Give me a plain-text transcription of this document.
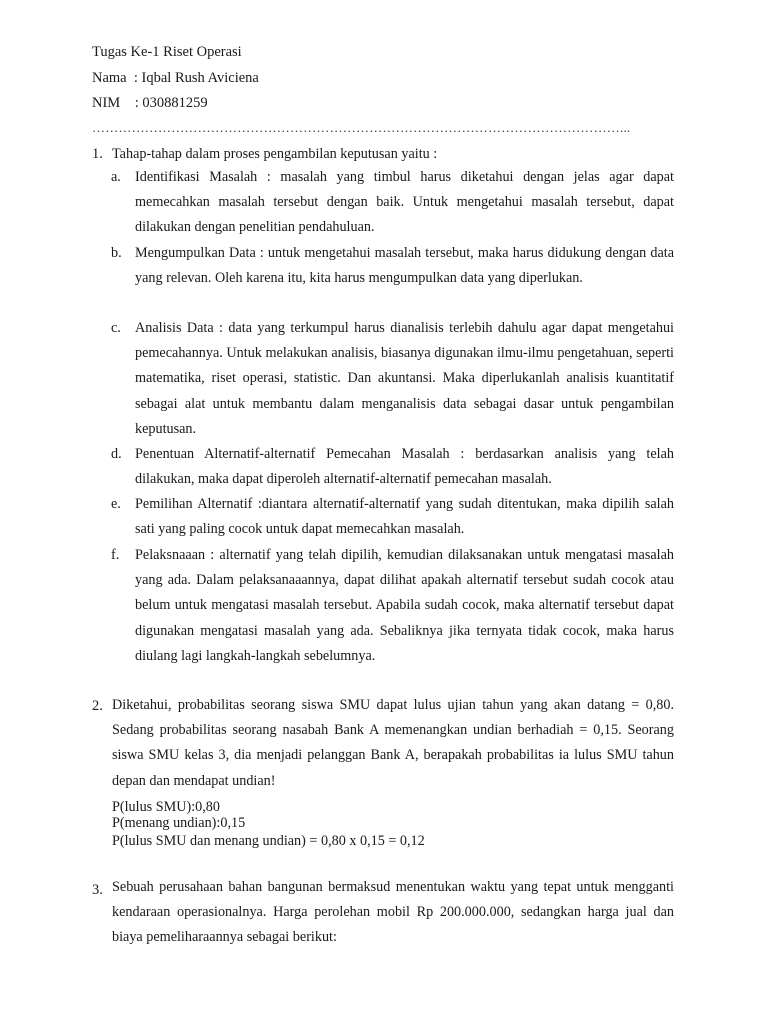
Tugas Ke-1 Riset Operasi
Nama  : Iqbal Rush Aviciena
NIM    : 030881259
…………………………………………………………………………………………………………...
1. Tahap-tahap dalam proses pengambilan keputusan yaitu :
a. Identifikasi Masalah : masalah yang timbul harus diketahui dengan jelas agar dapat memecahkan masalah tersebut dengan baik. Untuk mengetahui masalah tersebut, dapat dilakukan dengan penelitian pendahuluan.
b. Mengumpulkan Data : untuk mengetahui masalah tersebut, maka harus didukung dengan data yang relevan. Oleh karena itu, kita harus mengumpulkan data yang diperlukan.
c. Analisis Data : data yang terkumpul harus dianalisis terlebih dahulu agar dapat mengetahui pemecahannya. Untuk melakukan analisis, biasanya digunakan ilmu-ilmu pengetahuan, seperti matematika, riset operasi, statistic. Dan akuntansi. Maka diperlukanlah analisis kuantitatif sebagai alat untuk membantu dalam menganalisis data sebagai dasar untuk pengambilan keputusan.
d. Penentuan Alternatif-alternatif Pemecahan Masalah : berdasarkan analisis yang telah dilakukan, maka dapat diperoleh alternatif-alternatif pemecahan masalah.
e. Pemilihan Alternatif :diantara alternatif-alternatif yang sudah ditentukan, maka dipilih salah sati yang paling cocok untuk dapat memecahkan masalah.
f. Pelaksnaaan : alternatif yang telah dipilih, kemudian dilaksanakan untuk mengatasi masalah yang ada. Dalam pelaksanaaannya, dapat dilihat apakah alternatif tersebut sudah cocok atau belum untuk mengatasi masalah tersebut. Apabila sudah cocok, maka alternatif tersebut dapat digunakan mengatasi masalah yang ada. Sebaliknya jika ternyata tidak cocok, maka harus diulang lagi langkah-langkah sebelumnya.
2. Diketahui, probabilitas seorang siswa SMU dapat lulus ujian tahun yang akan datang = 0,80. Sedang probabilitas seorang nasabah Bank A memenangkan undian berhadiah = 0,15. Seorang siswa SMU kelas 3, dia menjadi pelanggan Bank A, berapakah probabilitas ia lulus SMU tahun depan dan mendapat undian!
P(lulus SMU):0,80
P(menang undian):0,15
P(lulus SMU dan menang undian) = 0,80 x 0,15 = 0,12
3. Sebuah perusahaan bahan bangunan bermaksud menentukan waktu yang tepat untuk mengganti kendaraan operasionalnya. Harga perolehan mobil Rp 200.000.000, sedangkan harga jual dan biaya pemeliharaannya sebagai berikut:
